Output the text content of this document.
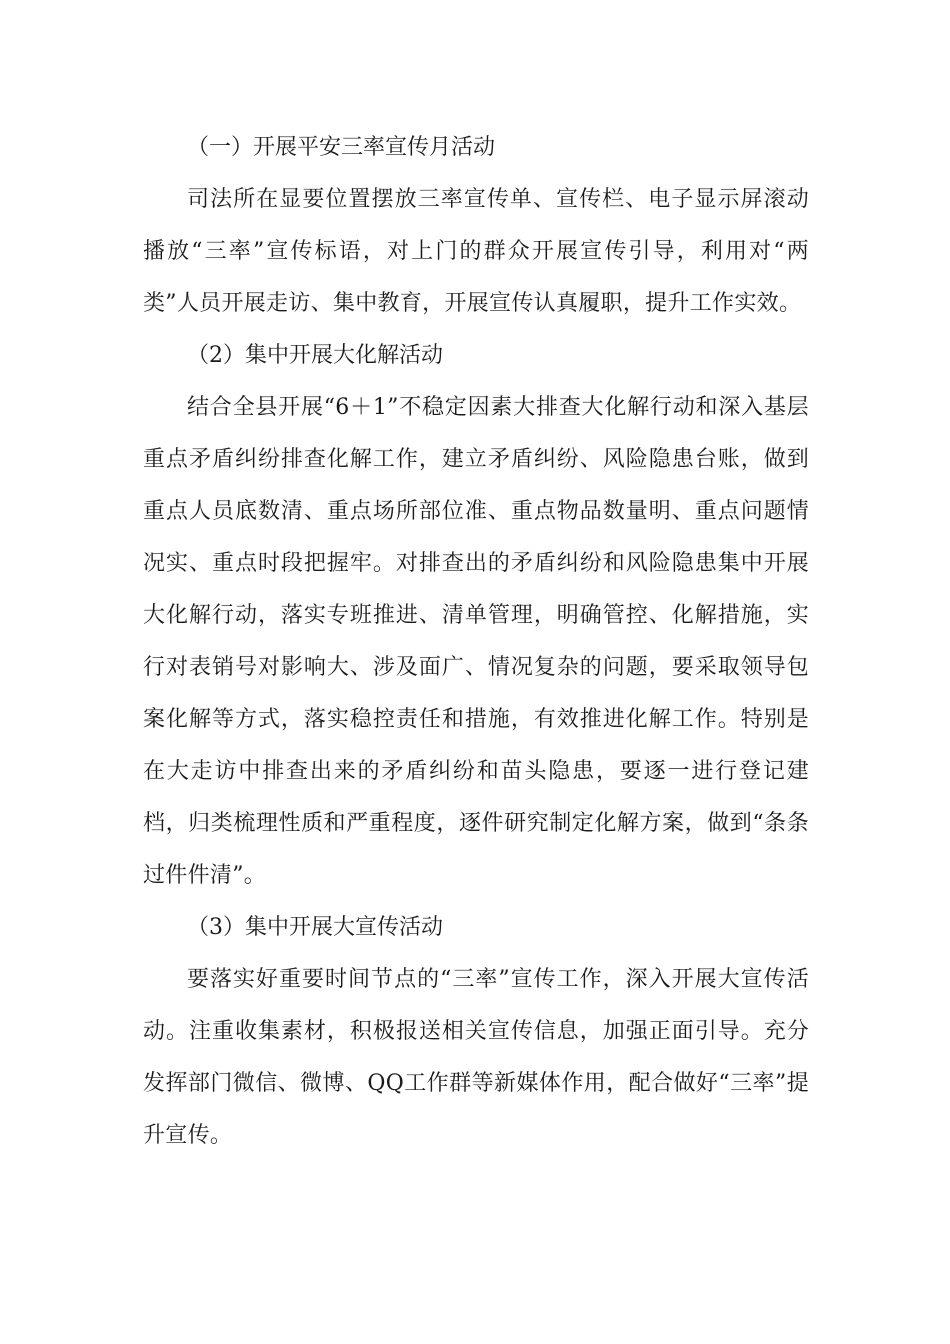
（一）开展平安三率宣传月活动

司法所在显要位置摆放三率宣传单、宣传栏、电子显示屏滚动播放“三率”宣传标语，对上门的群众开展宣传引导，利用对“两类”人员开展走访、集中教育，开展宣传认真履职，提升工作实效。

（2）集中开展大化解活动

结合全县开展“6＋1”不稳定因素大排查大化解行动和深入基层重点矛盾纠纷排查化解工作，建立矛盾纠纷、风险隐患台账，做到重点人员底数清、重点场所部位准、重点物品数量明、重点问题情况实、重点时段把握牢。对排查出的矛盾纠纷和风险隐患集中开展大化解行动，落实专班推进、清单管理，明确管控、化解措施，实行对表销号对影响大、涉及面广、情况复杂的问题，要采取领导包案化解等方式，落实稳控责任和措施，有效推进化解工作。特别是在大走访中排查出来的矛盾纠纷和苗头隐患，要逐一进行登记建档，归类梳理性质和严重程度，逐件研究制定化解方案，做到“条条过件件清”。

（3）集中开展大宣传活动

要落实好重要时间节点的“三率”宣传工作，深入开展大宣传活动。注重收集素材，积极报送相关宣传信息，加强正面引导。充分发挥部门微信、微博、QQ工作群等新媒体作用，配合做好“三率”提升宣传。
